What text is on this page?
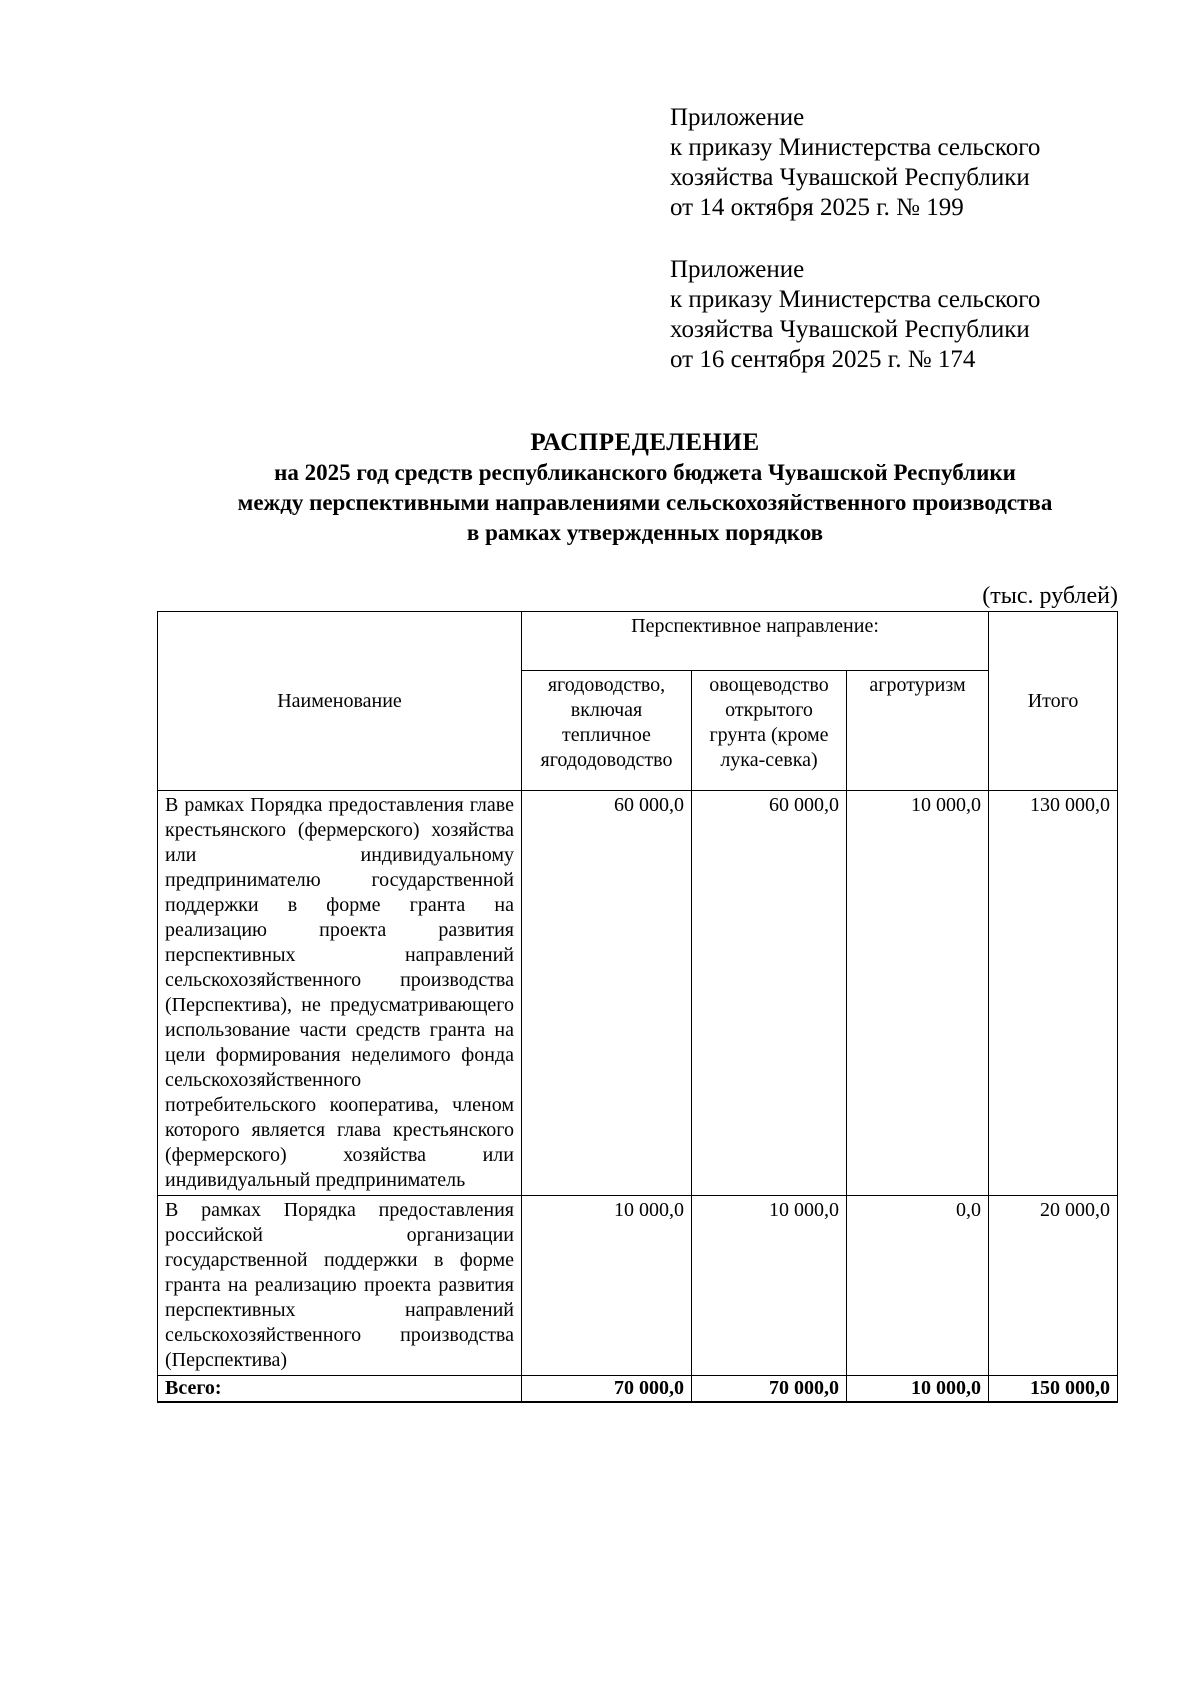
Приложение
к приказу Министерства сельского
хозяйства Чувашской Республики
от 14 октября 2025 г. № 199
Приложение
к приказу Министерства сельского
хозяйства Чувашской Республики
от 16 сентября 2025 г. № 174
РАСПРЕДЕЛЕНИЕ
на 2025 год средств республиканского бюджета Чувашской Республики
между перспективными направлениями сельскохозяйственного производства
в рамках утвержденных порядков
(тыс. рублей)
Наименование	Перспективное направление:			Итого
	ягодоводство, включая тепличное ягододоводство	овощеводство открытого грунта (кроме лука-севка)	агротуризм	
В рамках Порядка предоставления главе крестьянского (фермерского) хозяйства или индивидуальному предпринимателю государственной поддержки в форме гранта на реализацию проекта развития перспективных направлений сельскохозяйственного производства (Перспектива), не предусматривающего использование части средств гранта на цели формирования неделимого фонда сельскохозяйственного потребительского кооператива, членом которого является глава крестьянского (фермерского) хозяйства или индивидуальный предприниматель	60 000,0	60 000,0	10 000,0	130 000,0
В рамках Порядка предоставления российской организации государственной поддержки в форме гранта на реализацию проекта развития перспективных направлений сельскохозяйственного производства (Перспектива)	10 000,0	10 000,0	0,0	20 000,0
Всего:	70 000,0	70 000,0	10 000,0	150 000,0
